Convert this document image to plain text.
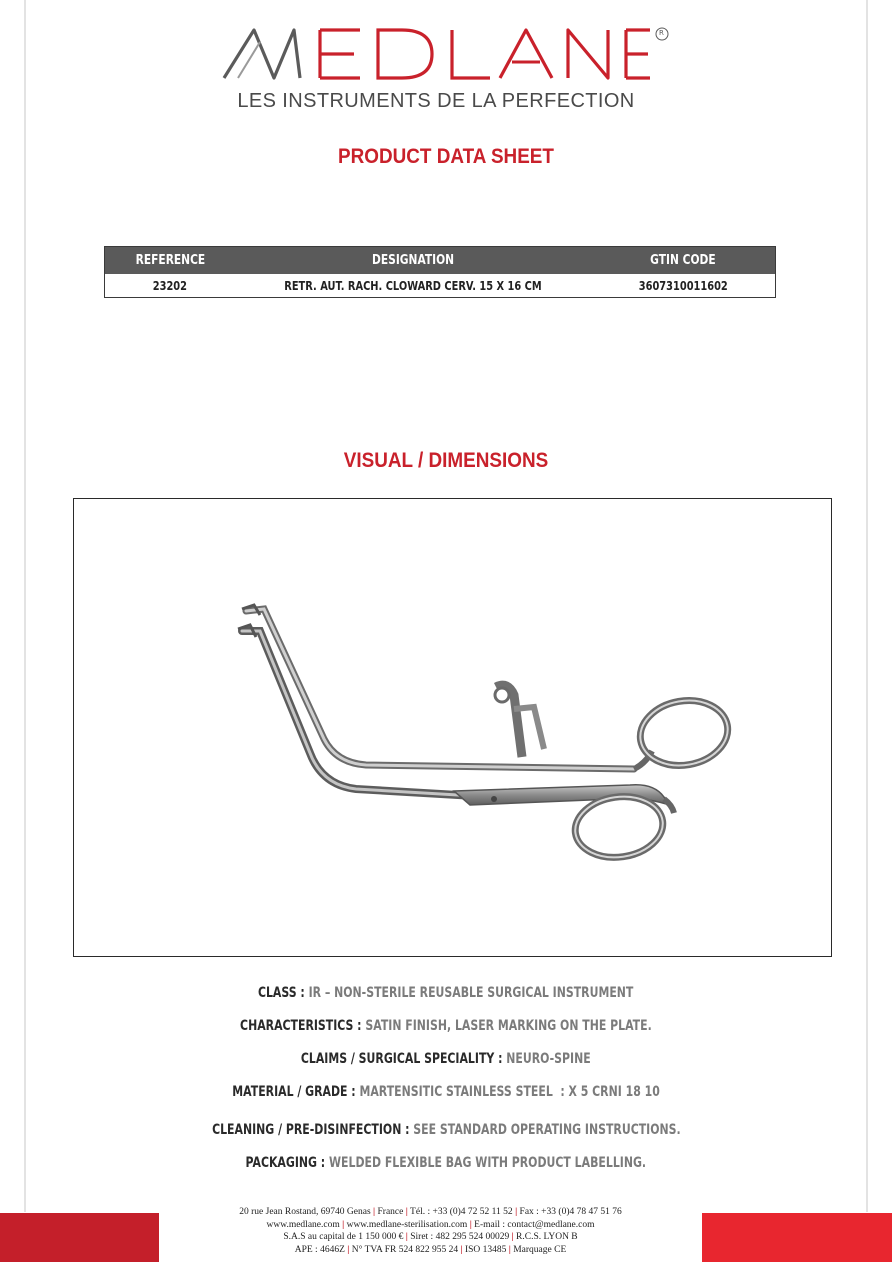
R
LES INSTRUMENTS DE LA PERFECTION
PRODUCT DATA SHEET
REFERENCE	DESIGNATION	GTIN CODE
23202	RETR. AUT. RACH. CLOWARD CERV. 15 X 16 CM	3607310011602
VISUAL / DIMENSIONS
CLASS : IR – NON-STERILE REUSABLE SURGICAL INSTRUMENT
CHARACTERISTICS : SATIN FINISH, LASER MARKING ON THE PLATE.
CLAIMS / SURGICAL SPECIALITY : NEURO-SPINE
MATERIAL / GRADE : MARTENSITIC STAINLESS STEEL  : X 5 CRNI 18 10
CLEANING / PRE-DISINFECTION : SEE STANDARD OPERATING INSTRUCTIONS.
PACKAGING : WELDED FLEXIBLE BAG WITH PRODUCT LABELLING.
20 rue Jean Rostand, 69740 Genas | France | Tél. : +33 (0)4 72 52 11 52 | Fax : +33 (0)4 78 47 51 76
www.medlane.com | www.medlane-sterilisation.com | E-mail : contact@medlane.com
S.A.S au capital de 1 150 000 € | Siret : 482 295 524 00029 | R.C.S. LYON B
APE : 4646Z | N° TVA FR 524 822 955 24 | ISO 13485 | Marquage CE
